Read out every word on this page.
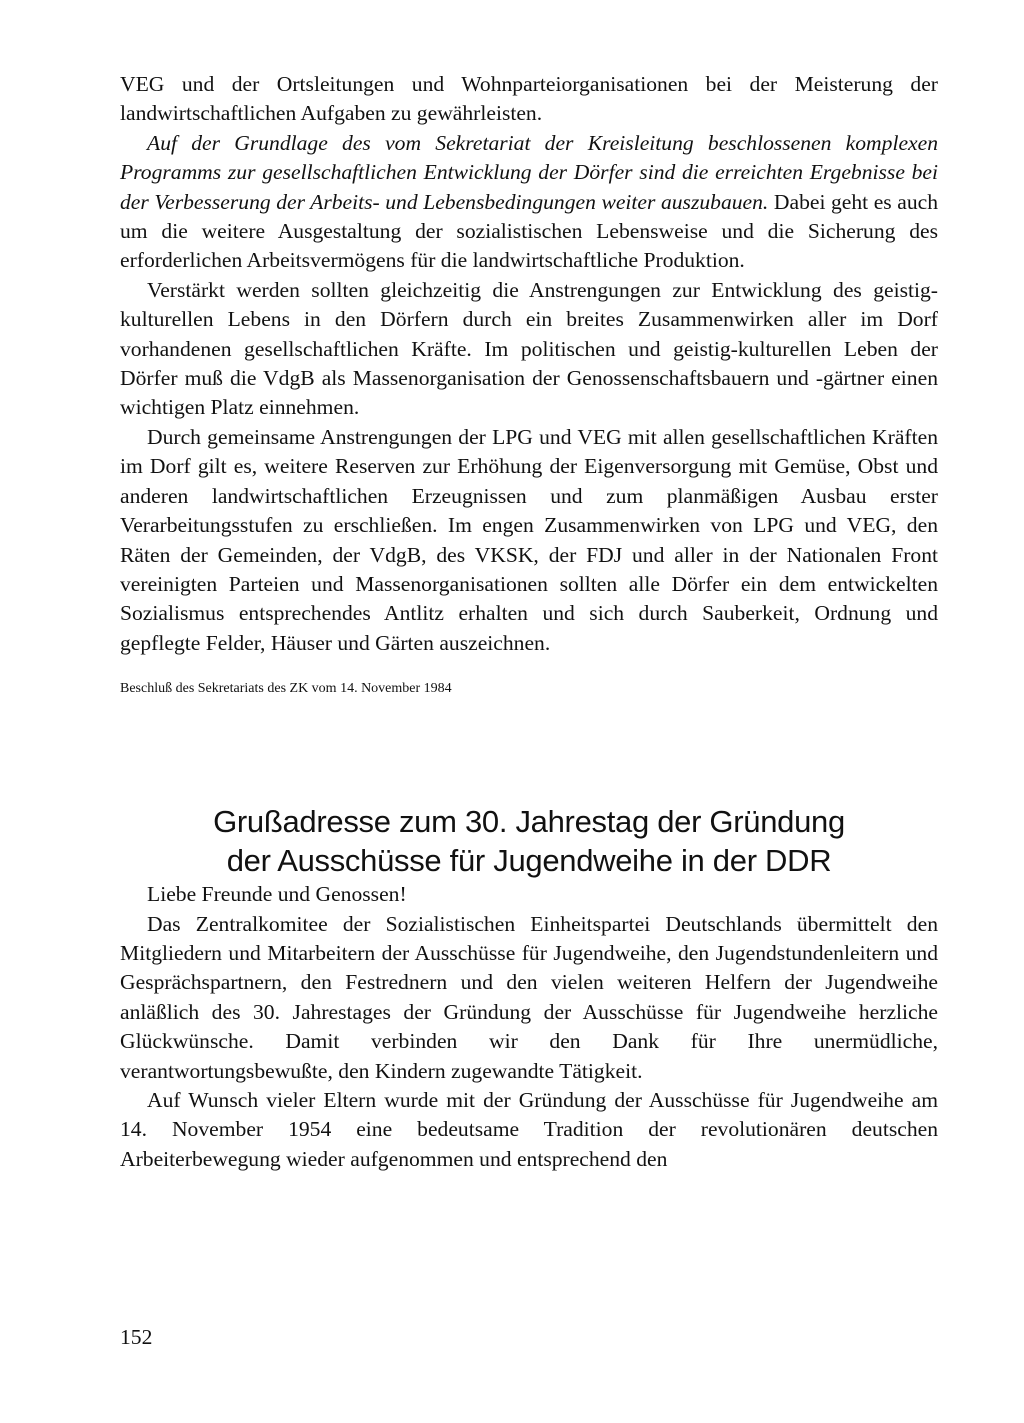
VEG und der Ortsleitungen und Wohnparteiorganisationen bei der Meisterung der landwirtschaftlichen Aufgaben zu gewährleisten.

Auf der Grundlage des vom Sekretariat der Kreisleitung beschlossenen komplexen Programms zur gesellschaftlichen Entwicklung der Dörfer sind die erreichten Ergebnisse bei der Verbesserung der Arbeits- und Lebensbedingungen weiter auszubauen. Dabei geht es auch um die weitere Ausgestaltung der sozialistischen Lebensweise und die Sicherung des erforderlichen Arbeitsvermögens für die landwirtschaftliche Produktion.

Verstärkt werden sollten gleichzeitig die Anstrengungen zur Entwicklung des geistig-kulturellen Lebens in den Dörfern durch ein breites Zusammenwirken aller im Dorf vorhandenen gesellschaftlichen Kräfte. Im politischen und geistig-kulturellen Leben der Dörfer muß die VdgB als Massenorganisation der Genossenschaftsbauern und -gärtner einen wichtigen Platz einnehmen.

Durch gemeinsame Anstrengungen der LPG und VEG mit allen gesellschaftlichen Kräften im Dorf gilt es, weitere Reserven zur Erhöhung der Eigenversorgung mit Gemüse, Obst und anderen landwirtschaftlichen Erzeugnissen und zum planmäßigen Ausbau erster Verarbeitungsstufen zu erschließen. Im engen Zusammenwirken von LPG und VEG, den Räten der Gemeinden, der VdgB, des VKSK, der FDJ und aller in der Nationalen Front vereinigten Parteien und Massenorganisationen sollten alle Dörfer ein dem entwickelten Sozialismus entsprechendes Antlitz erhalten und sich durch Sauberkeit, Ordnung und gepflegte Felder, Häuser und Gärten auszeichnen.

Beschluß des Sekretariats des ZK vom 14. November 1984
Grußadresse zum 30. Jahrestag der Gründung
der Ausschüsse für Jugendweihe in der DDR

Liebe Freunde und Genossen!

Das Zentralkomitee der Sozialistischen Einheitspartei Deutschlands übermittelt den Mitgliedern und Mitarbeitern der Ausschüsse für Jugendweihe, den Jugendstundenleitern und Gesprächspartnern, den Festrednern und den vielen weiteren Helfern der Jugendweihe anläßlich des 30. Jahrestages der Gründung der Ausschüsse für Jugendweihe herzliche Glückwünsche. Damit verbinden wir den Dank für Ihre unermüdliche, verantwortungsbewußte, den Kindern zugewandte Tätigkeit.

Auf Wunsch vieler Eltern wurde mit der Gründung der Ausschüsse für Jugendweihe am 14. November 1954 eine bedeutsame Tradition der revolutionären deutschen Arbeiterbewegung wieder aufgenommen und entsprechend den

152
